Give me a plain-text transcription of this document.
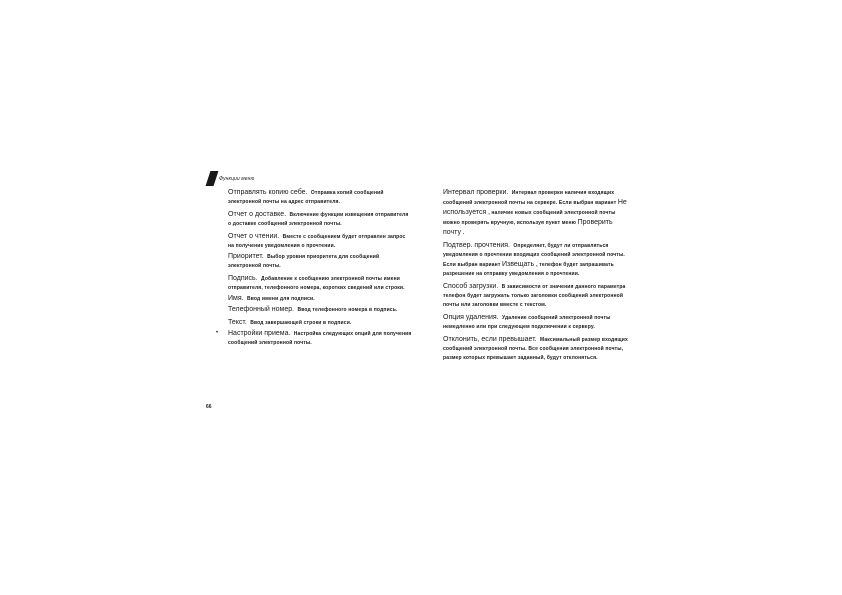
Функции меню
Отправлять копию себе. Отправка копий сообщений электронной почты на адрес отправителя.
Отчет о доставке. Включение функции извещения отправителя о доставке сообщений электронной почты.
Отчет о чтении. Вместе с сообщением будет отправлен запрос на получение уведомления о прочтении.
Приоритет. Выбор уровня приоритета для сообщений электронной почты.
Подпись. Добавление к сообщению электронной почты имени отправителя, телефонного номера, коротких сведений или строки.
Имя. Ввод имени для подписи.
Телефонный номер. Ввод телефонного номера в подпись.
Текст. Ввод завершающей строки в подписи.
• Настройки приема. Настройка следующих опций для получения сообщений электронной почты.
Интервал проверки. Интервал проверки наличия входящих сообщений электронной почты на сервере. Если выбран вариант Не используется , наличие новых сообщений электронной почты можно проверять вручную, используя пункт меню Проверить почту .
Подтвер. прочтения. Определяет, будут ли отправляться уведомления о прочтении входящих сообщений электронной почты. Если выбран вариант Извещать , телефон будет запрашивать разрешение на отправку уведомления о прочтении.
Способ загрузки. В зависимости от значения данного параметра телефон будет загружать только заголовки сообщений электронной почты или заголовки вместе с текстом.
Опция удаления. Удаление сообщений электронной почты немедленно или при следующем подключении к серверу.
Отклонить, если превышает. Максимальный размер входящих сообщений электронной почты. Все сообщения электронной почты, размер которых превышает заданный, будут отклоняться.
66
